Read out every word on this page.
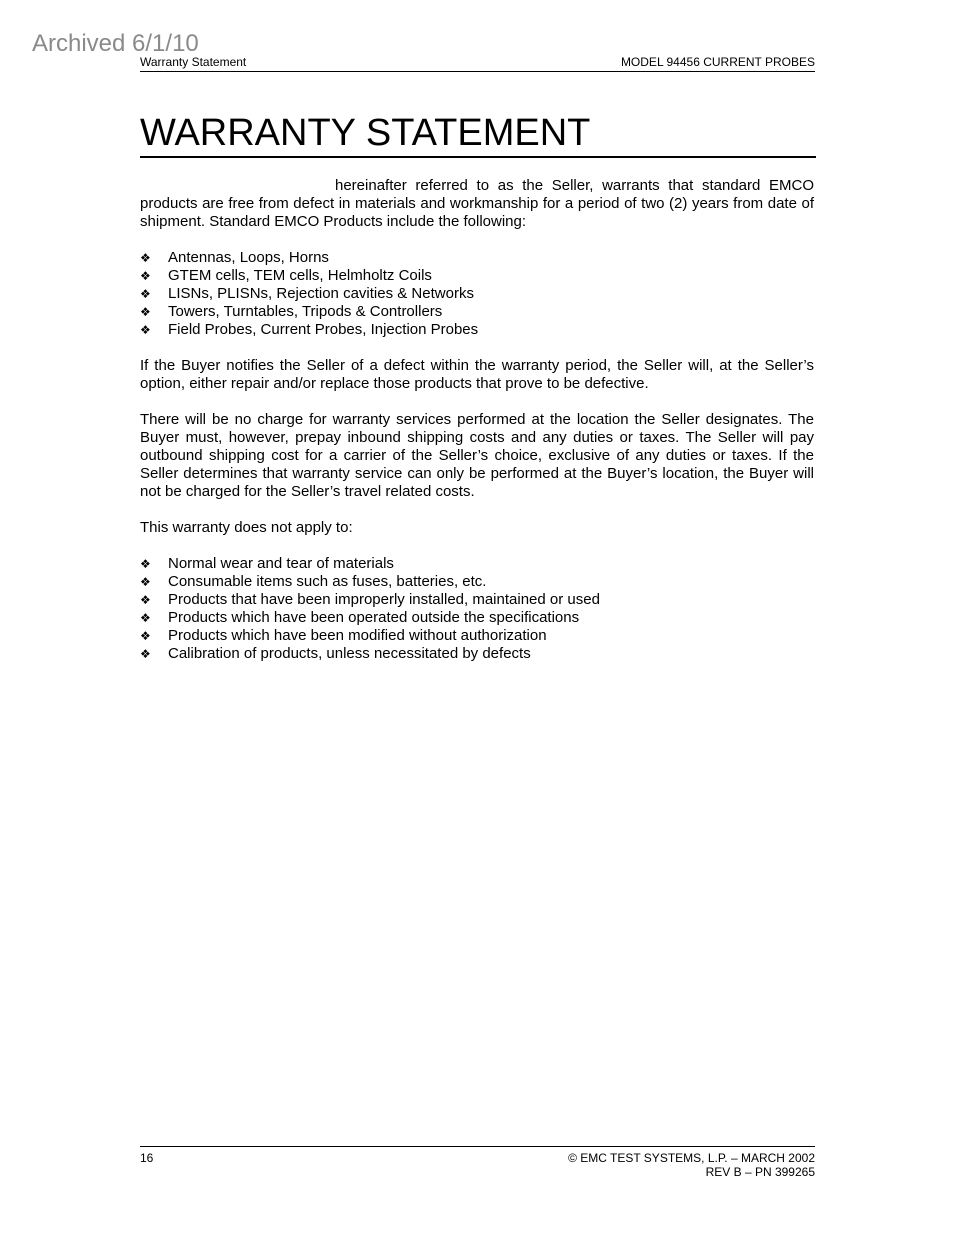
Archived 6/1/10
Warranty Statement	MODEL 94456 CURRENT PROBES
WARRANTY STATEMENT

hereinafter referred to as the Seller, warrants that standard EMCO products are free from defect in materials and workmanship for a period of two (2) years from date of shipment. Standard EMCO Products include the following:

❖ Antennas, Loops, Horns
❖ GTEM cells, TEM cells, Helmholtz Coils
❖ LISNs, PLISNs, Rejection cavities & Networks
❖ Towers, Turntables, Tripods & Controllers
❖ Field Probes, Current Probes, Injection Probes

If the Buyer notifies the Seller of a defect within the warranty period, the Seller will, at the Seller’s option, either repair and/or replace those products that prove to be defective.

There will be no charge for warranty services performed at the location the Seller designates. The Buyer must, however, prepay inbound shipping costs and any duties or taxes. The Seller will pay outbound shipping cost for a carrier of the Seller’s choice, exclusive of any duties or taxes. If the Seller determines that warranty service can only be performed at the Buyer’s location, the Buyer will not be charged for the Seller’s travel related costs.

This warranty does not apply to:

❖ Normal wear and tear of materials
❖ Consumable items such as fuses, batteries, etc.
❖ Products that have been improperly installed, maintained or used
❖ Products which have been operated outside the specifications
❖ Products which have been modified without authorization
❖ Calibration of products, unless necessitated by defects
16	© EMC TEST SYSTEMS, L.P. – MARCH 2002
REV B – PN 399265
